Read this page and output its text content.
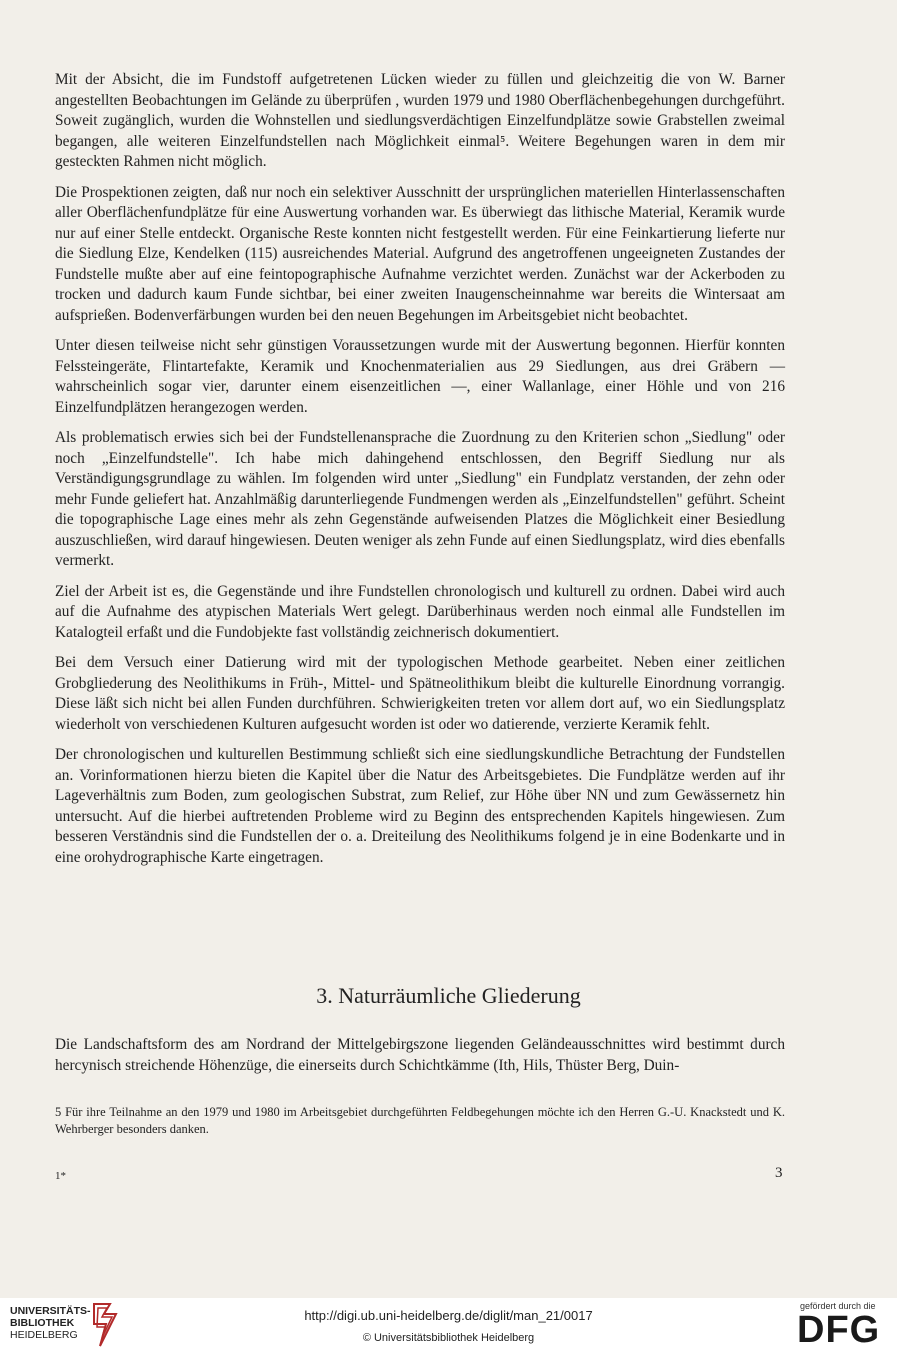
Mit der Absicht, die im Fundstoff aufgetretenen Lücken wieder zu füllen und gleichzeitig die von W. Barner angestellten Beobachtungen im Gelände zu überprüfen , wurden 1979 und 1980 Oberflächenbegehungen durchgeführt. Soweit zugänglich, wurden die Wohnstellen und siedlungsverdächtigen Einzelfundplätze sowie Grabstellen zweimal begangen, alle weiteren Einzelfundstellen nach Möglichkeit einmal⁵. Weitere Begehungen waren in dem mir gesteckten Rahmen nicht möglich.

Die Prospektionen zeigten, daß nur noch ein selektiver Ausschnitt der ursprünglichen materiellen Hinterlassenschaften aller Oberflächenfundplätze für eine Auswertung vorhanden war. Es überwiegt das lithische Material, Keramik wurde nur auf einer Stelle entdeckt. Organische Reste konnten nicht festgestellt werden. Für eine Feinkartierung lieferte nur die Siedlung Elze, Kendelken (115) ausreichendes Material. Aufgrund des angetroffenen ungeeigneten Zustandes der Fundstelle mußte aber auf eine feintopographische Aufnahme verzichtet werden. Zunächst war der Ackerboden zu trocken und dadurch kaum Funde sichtbar, bei einer zweiten Inaugenscheinnahme war bereits die Wintersaat am aufsprießen. Bodenverfärbungen wurden bei den neuen Begehungen im Arbeitsgebiet nicht beobachtet.

Unter diesen teilweise nicht sehr günstigen Voraussetzungen wurde mit der Auswertung begonnen. Hierfür konnten Felssteingeräte, Flintartefakte, Keramik und Knochenmaterialien aus 29 Siedlungen, aus drei Gräbern — wahrscheinlich sogar vier, darunter einem eisenzeitlichen —, einer Wallanlage, einer Höhle und von 216 Einzelfundplätzen herangezogen werden.

Als problematisch erwies sich bei der Fundstellenansprache die Zuordnung zu den Kriterien schon „Siedlung" oder noch „Einzelfundstelle". Ich habe mich dahingehend entschlossen, den Begriff Siedlung nur als Verständigungsgrundlage zu wählen. Im folgenden wird unter „Siedlung" ein Fundplatz verstanden, der zehn oder mehr Funde geliefert hat. Anzahlmäßig darunterliegende Fundmengen werden als „Einzelfundstellen" geführt. Scheint die topographische Lage eines mehr als zehn Gegenstände aufweisenden Platzes die Möglichkeit einer Besiedlung auszuschließen, wird darauf hingewiesen. Deuten weniger als zehn Funde auf einen Siedlungsplatz, wird dies ebenfalls vermerkt.

Ziel der Arbeit ist es, die Gegenstände und ihre Fundstellen chronologisch und kulturell zu ordnen. Dabei wird auch auf die Aufnahme des atypischen Materials Wert gelegt. Darüberhinaus werden noch einmal alle Fundstellen im Katalogteil erfaßt und die Fundobjekte fast vollständig zeichnerisch dokumentiert.

Bei dem Versuch einer Datierung wird mit der typologischen Methode gearbeitet. Neben einer zeitlichen Grobgliederung des Neolithikums in Früh-, Mittel- und Spätneolithikum bleibt die kulturelle Einordnung vorrangig. Diese läßt sich nicht bei allen Funden durchführen. Schwierigkeiten treten vor allem dort auf, wo ein Siedlungsplatz wiederholt von verschiedenen Kulturen aufgesucht worden ist oder wo datierende, verzierte Keramik fehlt.

Der chronologischen und kulturellen Bestimmung schließt sich eine siedlungskundliche Betrachtung der Fundstellen an. Vorinformationen hierzu bieten die Kapitel über die Natur des Arbeitsgebietes. Die Fundplätze werden auf ihr Lageverhältnis zum Boden, zum geologischen Substrat, zum Relief, zur Höhe über NN und zum Gewässernetz hin untersucht. Auf die hierbei auftretenden Probleme wird zu Beginn des entsprechenden Kapitels hingewiesen. Zum besseren Verständnis sind die Fundstellen der o. a. Dreiteilung des Neolithikums folgend je in eine Bodenkarte und in eine orohydrographische Karte eingetragen.

3. Naturräumliche Gliederung
Die Landschaftsform des am Nordrand der Mittelgebirgszone liegenden Geländeausschnittes wird bestimmt durch hercynisch streichende Höhenzüge, die einerseits durch Schichtkämme (Ith, Hils, Thüster Berg, Duin-
5 Für ihre Teilnahme an den 1979 und 1980 im Arbeitsgebiet durchgeführten Feldbegehungen möchte ich den Herren G.-U. Knackstedt und K. Wehrberger besonders danken.
1*	3
UNIVERSITÄTS-
BIBLIOTHEK
HEIDELBERG
http://digi.ub.uni-heidelberg.de/diglit/man_21/0017
© Universitätsbibliothek Heidelberg
gefördert durch die
DFG
